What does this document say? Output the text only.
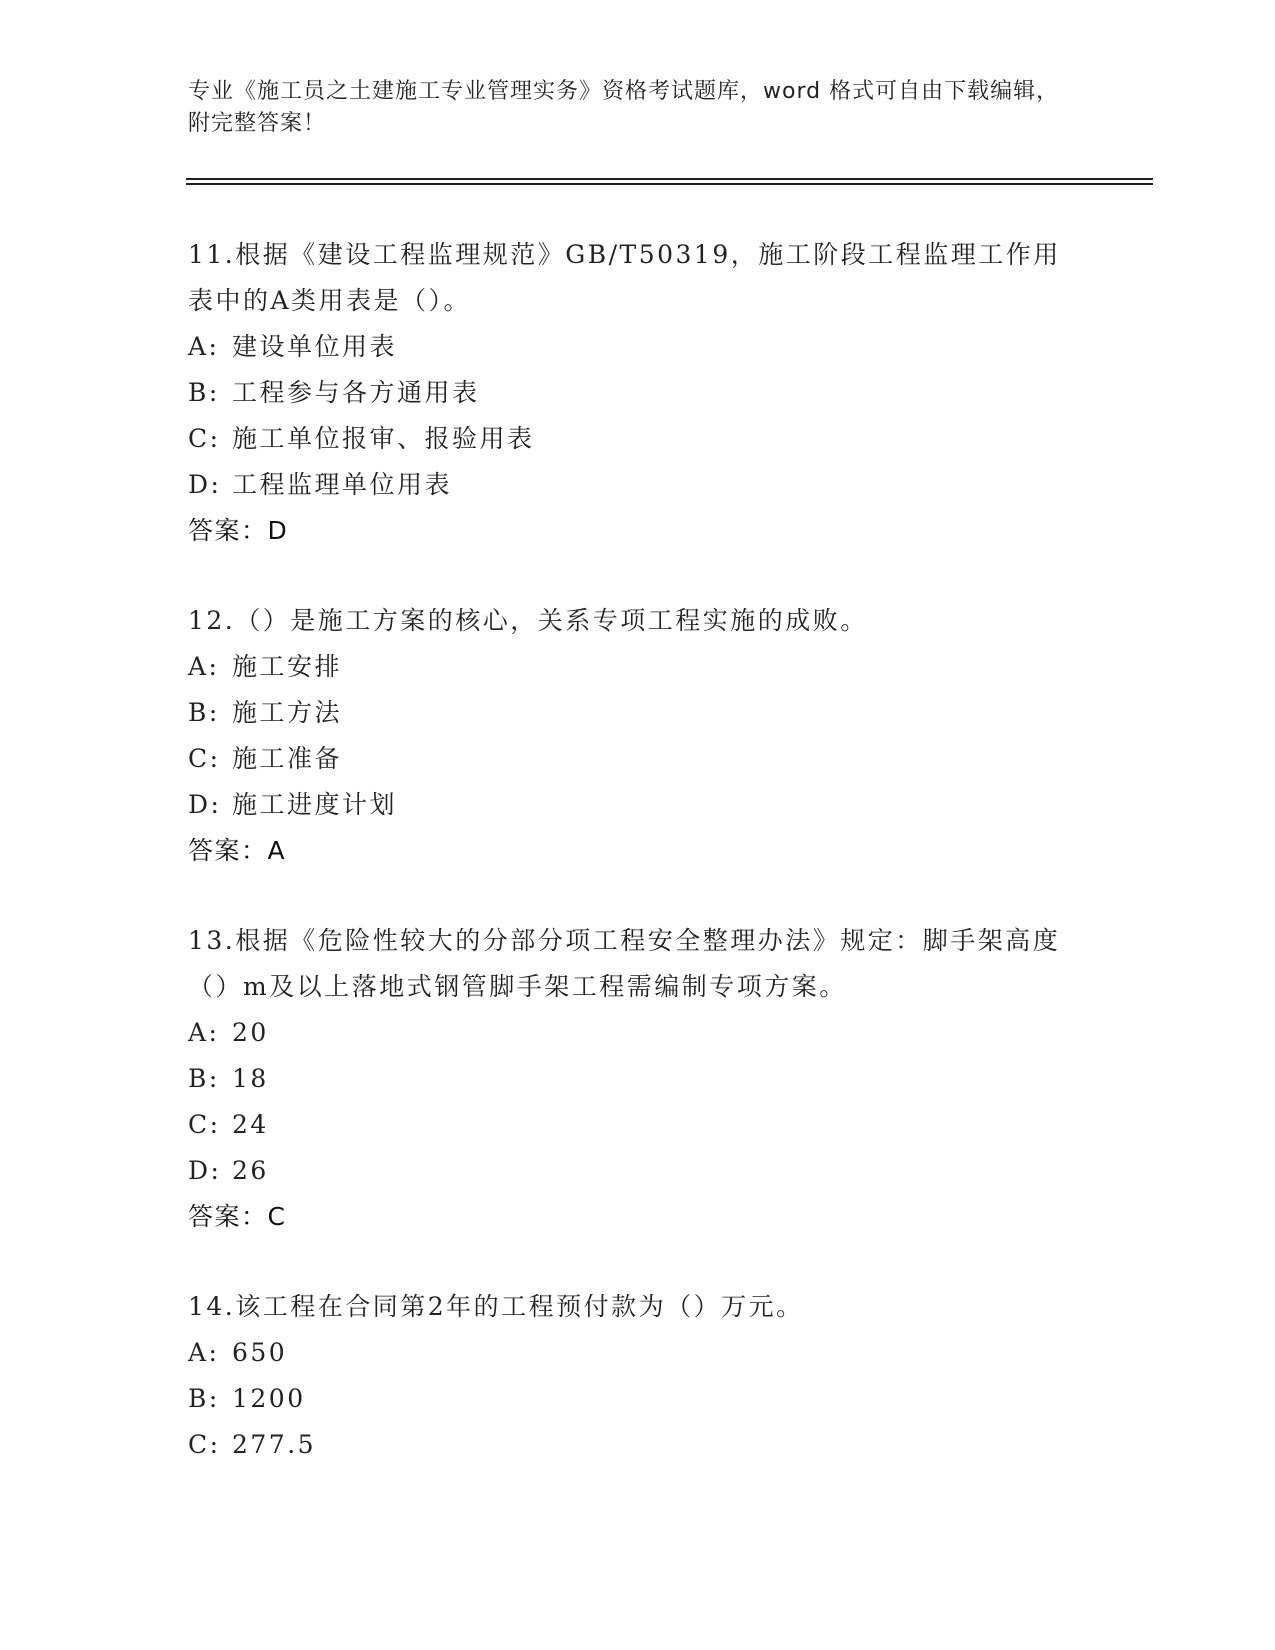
专业《施工员之土建施工专业管理实务》资格考试题库，word 格式可自由下载编辑，附完整答案！

11.根据《建设工程监理规范》GB/T50319，施工阶段工程监理工作用表中的A类用表是（）。

A: 建设单位用表
B: 工程参与各方通用表
C: 施工单位报审、报验用表
D: 工程监理单位用表
答案：D

12.（）是施工方案的核心，关系专项工程实施的成败。

A: 施工安排
B: 施工方法
C: 施工准备
D: 施工进度计划
答案：A

13.根据《危险性较大的分部分项工程安全整理办法》规定：脚手架高度（）m及以上落地式钢管脚手架工程需编制专项方案。

A: 20
B: 18
C: 24
D: 26
答案：C

14.该工程在合同第2年的工程预付款为（）万元。

A: 650
B: 1200
C: 277.5
